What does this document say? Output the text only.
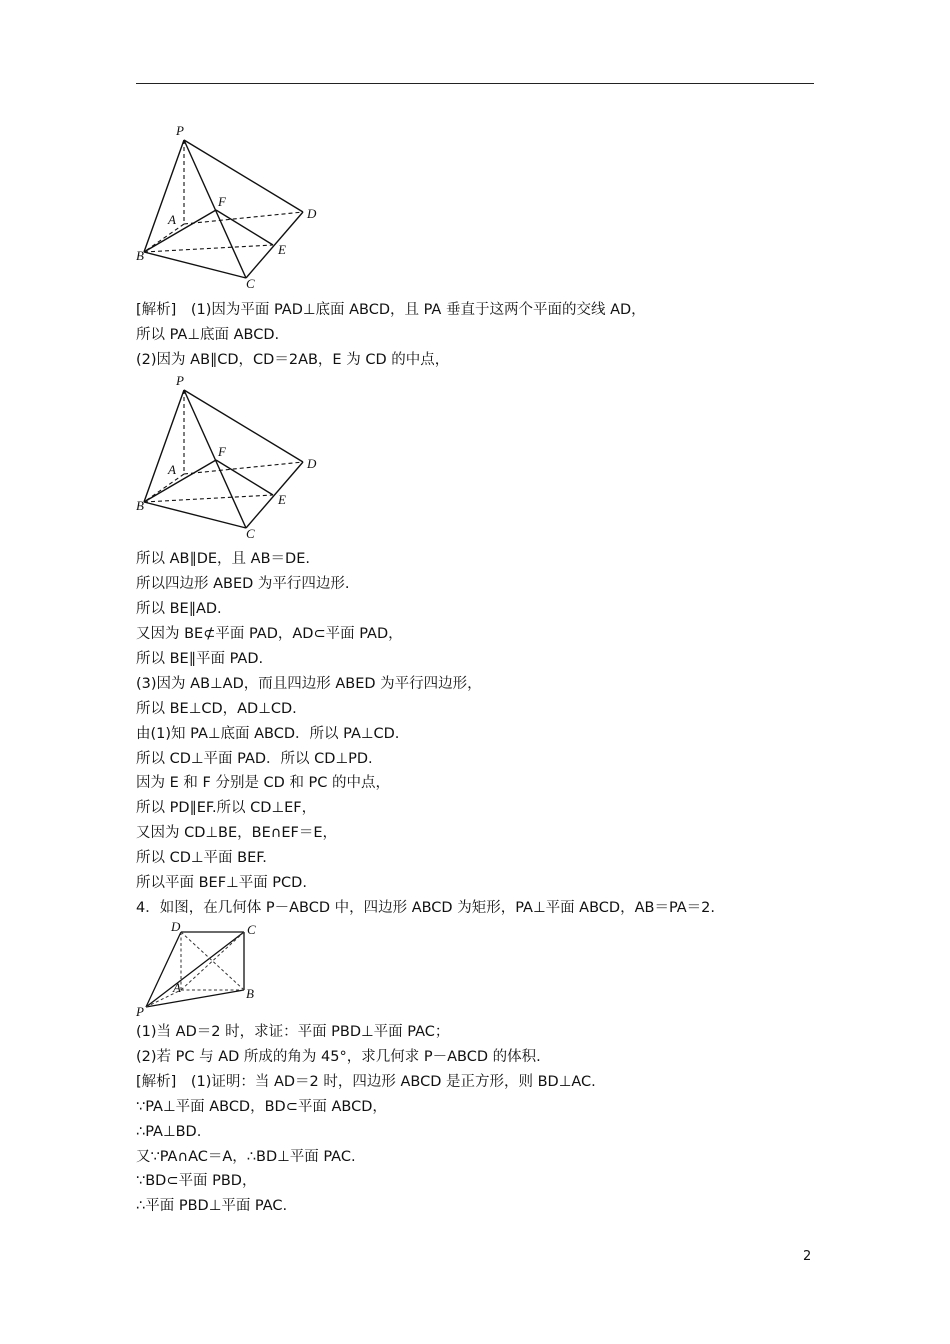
P
A
F
D
B	E
C
[解析]　(1)因为平面 PAD⊥底面 ABCD，且 PA 垂直于这两个平面的交线 AD，
所以 PA⊥底面 ABCD.
(2)因为 AB∥CD，CD＝2AB，E 为 CD 的中点，
P
A
F
D
B	E
C
所以 AB∥DE，且 AB＝DE.
所以四边形 ABED 为平行四边形.
所以 BE∥AD.
又因为 BE⊄平面 PAD，AD⊂平面 PAD，
所以 BE∥平面 PAD.
(3)因为 AB⊥AD，而且四边形 ABED 为平行四边形，
所以 BE⊥CD，AD⊥CD.
由(1)知 PA⊥底面 ABCD．所以 PA⊥CD.
所以 CD⊥平面 PAD．所以 CD⊥PD.
因为 E 和 F 分别是 CD 和 PC 的中点，
所以 PD∥EF.所以 CD⊥EF，
又因为 CD⊥BE，BE∩EF＝E，
所以 CD⊥平面 BEF.
所以平面 BEF⊥平面 PCD.
4．如图，在几何体 P－ABCD 中，四边形 ABCD 为矩形，PA⊥平面 ABCD，AB＝PA＝2.
D	C
A	B
P
(1)当 AD＝2 时，求证：平面 PBD⊥平面 PAC；
(2)若 PC 与 AD 所成的角为 45°，求几何求 P－ABCD 的体积.
[解析]　(1)证明：当 AD＝2 时，四边形 ABCD 是正方形，则 BD⊥AC.
∵PA⊥平面 ABCD，BD⊂平面 ABCD，
∴PA⊥BD.
又∵PA∩AC＝A，∴BD⊥平面 PAC.
∵BD⊂平面 PBD，
∴平面 PBD⊥平面 PAC.
2
